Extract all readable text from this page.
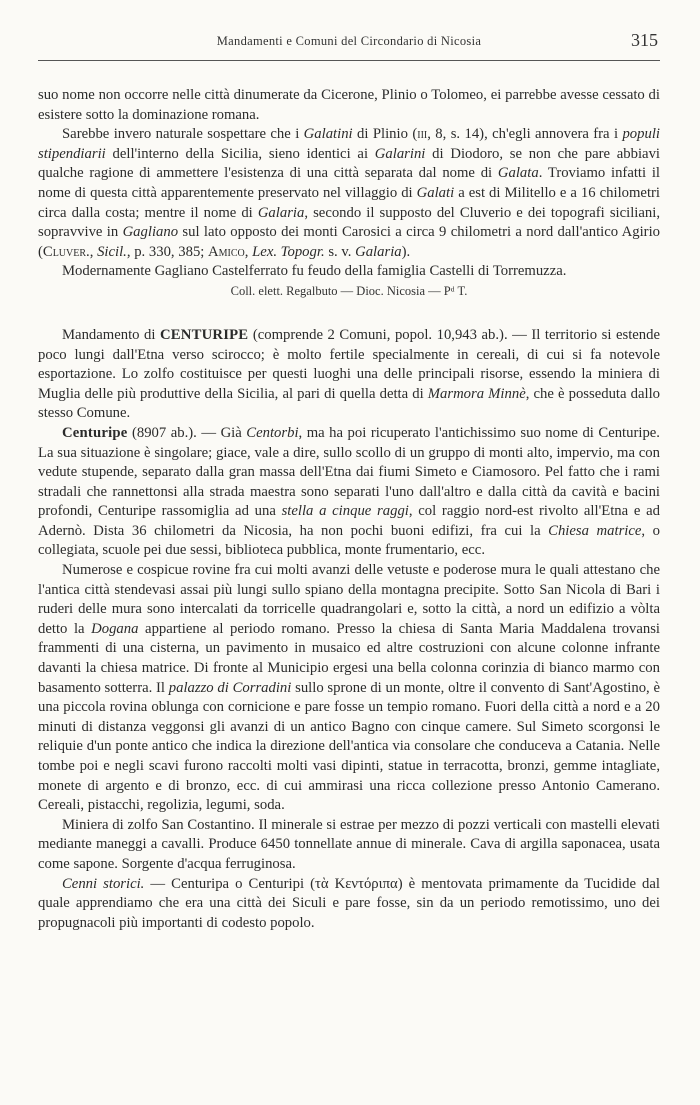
Mandamenti e Comuni del Circondario di Nicosia	315

suo nome non occorre nelle città dinumerate da Cicerone, Plinio o Tolomeo, ei parrebbe avesse cessato di esistere sotto la dominazione romana.

Sarebbe invero naturale sospettare che i Galatini di Plinio (iii, 8, s. 14), ch'egli annovera fra i populi stipendiarii dell'interno della Sicilia, sieno identici ai Galarini di Diodoro, se non che pare abbiavi qualche ragione di ammettere l'esistenza di una città separata dal nome di Galata. Troviamo infatti il nome di questa città apparentemente preservato nel villaggio di Galati a est di Militello e a 16 chilometri circa dalla costa; mentre il nome di Galaria, secondo il supposto del Cluverio e dei topografi siciliani, sopravvive in Gagliano sul lato opposto dei monti Carosici a circa 9 chilometri a nord dall'antico Agirio (Cluver., Sicil., p. 330, 385; Amico, Lex. Topogr. s. v. Galaria).

Modernamente Gagliano Castelferrato fu feudo della famiglia Castelli di Torremuzza.

Coll. elett. Regalbuto — Dioc. Nicosia — Pᵈ T.

Mandamento di CENTURIPE (comprende 2 Comuni, popol. 10,943 ab.). — Il territorio si estende poco lungi dall'Etna verso scirocco; è molto fertile specialmente in cereali, di cui si fa notevole esportazione. Lo zolfo costituisce per questi luoghi una delle principali risorse, essendo la miniera di Muglia delle più produttive della Sicilia, al pari di quella detta di Marmora Minnè, che è posseduta dallo stesso Comune.

Centuripe (8907 ab.). — Già Centorbi, ma ha poi ricuperato l'antichissimo suo nome di Centuripe. La sua situazione è singolare; giace, vale a dire, sullo scollo di un gruppo di monti alto, impervio, ma con vedute stupende, separato dalla gran massa dell'Etna dai fiumi Simeto e Ciamosoro. Pel fatto che i rami stradali che rannettonsi alla strada maestra sono separati l'uno dall'altro e dalla città da cavità e bacini profondi, Centuripe rassomiglia ad una stella a cinque raggi, col raggio nord-est rivolto all'Etna e ad Adernò. Dista 36 chilometri da Nicosia, ha non pochi buoni edifizi, fra cui la Chiesa matrice, o collegiata, scuole pei due sessi, biblioteca pubblica, monte frumentario, ecc.

Numerose e cospicue rovine fra cui molti avanzi delle vetuste e poderose mura le quali attestano che l'antica città stendevasi assai più lungi sullo spiano della montagna precipite. Sotto San Nicola di Bari i ruderi delle mura sono intercalati da torricelle quadrangolari e, sotto la città, a nord un edifizio a vòlta detto la Dogana appartiene al periodo romano. Presso la chiesa di Santa Maria Maddalena trovansi frammenti di una cisterna, un pavimento in musaico ed altre costruzioni con alcune colonne infrante davanti la chiesa matrice. Di fronte al Municipio ergesi una bella colonna corinzia di bianco marmo con basamento sotterra. Il palazzo di Corradini sullo sprone di un monte, oltre il convento di Sant'Agostino, è una piccola rovina oblunga con cornicione e pare fosse un tempio romano. Fuori della città a nord e a 20 minuti di distanza veggonsi gli avanzi di un antico Bagno con cinque camere. Sul Simeto scorgonsi le reliquie d'un ponte antico che indica la direzione dell'antica via consolare che conduceva a Catania. Nelle tombe poi e negli scavi furono raccolti molti vasi dipinti, statue in terracotta, bronzi, gemme intagliate, monete di argento e di bronzo, ecc. di cui ammirasi una ricca collezione presso Antonio Camerano. Cereali, pistacchi, regolizia, legumi, soda.

Miniera di zolfo San Costantino. Il minerale si estrae per mezzo di pozzi verticali con mastelli elevati mediante maneggi a cavalli. Produce 6450 tonnellate annue di minerale. Cava di argilla saponacea, usata come sapone. Sorgente d'acqua ferruginosa.

Cenni storici. — Centuripa o Centuripi (τὰ Κεντόριπα) è mentovata primamente da Tucidide dal quale apprendiamo che era una città dei Siculi e pare fosse, sin da un periodo remotissimo, uno dei propugnacoli più importanti di codesto popolo.
